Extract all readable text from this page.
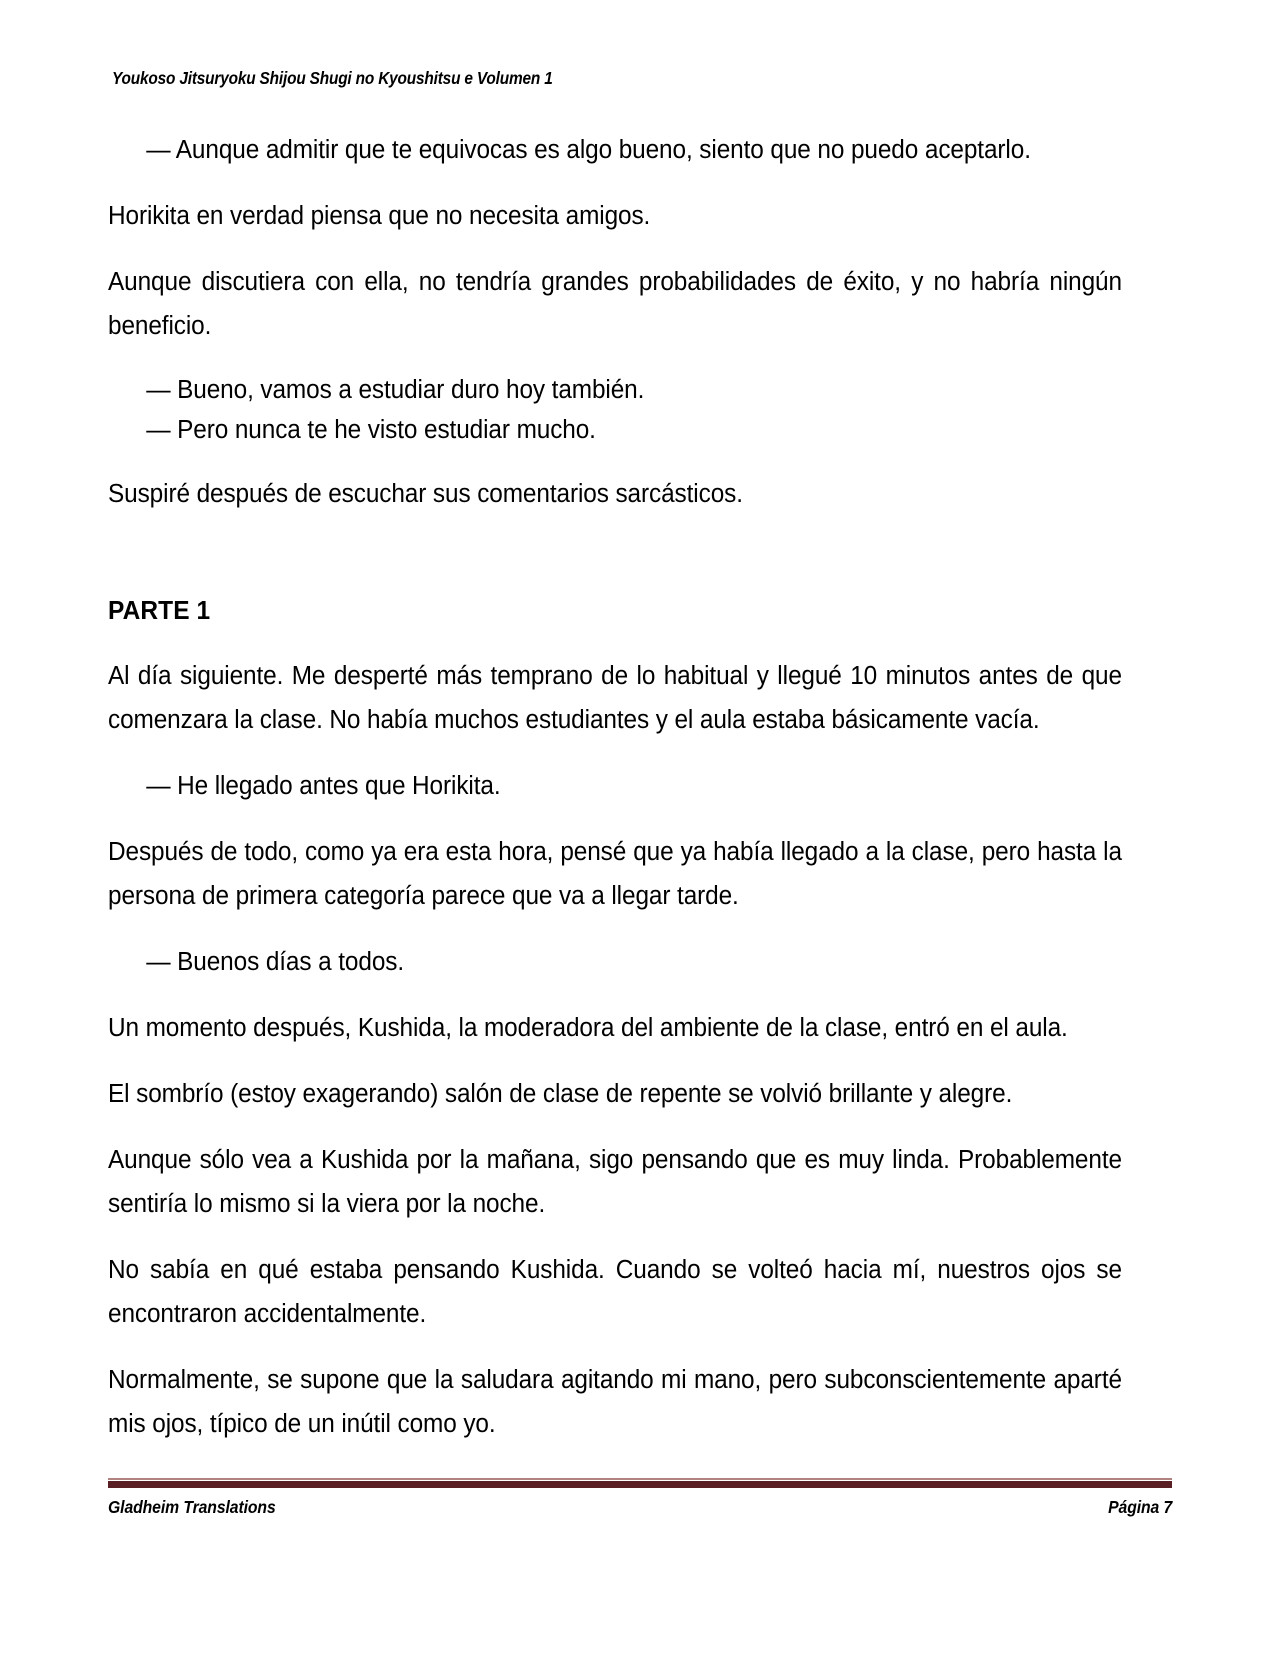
Youkoso Jitsuryoku Shijou Shugi no Kyoushitsu e Volumen 1
— Aunque admitir que te equivocas es algo bueno, siento que no puedo aceptarlo.

Horikita en verdad piensa que no necesita amigos.

Aunque discutiera con ella, no tendría grandes probabilidades de éxito, y no habría ningún beneficio.

— Bueno, vamos a estudiar duro hoy también.
— Pero nunca te he visto estudiar mucho.

Suspiré después de escuchar sus comentarios sarcásticos.

PARTE 1

Al día siguiente. Me desperté más temprano de lo habitual y llegué 10 minutos antes de que comenzara la clase. No había muchos estudiantes y el aula estaba básicamente vacía.

— He llegado antes que Horikita.

Después de todo, como ya era esta hora, pensé que ya había llegado a la clase, pero hasta la persona de primera categoría parece que va a llegar tarde.

— Buenos días a todos.

Un momento después, Kushida, la moderadora del ambiente de la clase, entró en el aula.

El sombrío (estoy exagerando) salón de clase de repente se volvió brillante y alegre.

Aunque sólo vea a Kushida por la mañana, sigo pensando que es muy linda. Probablemente sentiría lo mismo si la viera por la noche.

No sabía en qué estaba pensando Kushida. Cuando se volteó hacia mí, nuestros ojos se encontraron accidentalmente.

Normalmente, se supone que la saludara agitando mi mano, pero subconscientemente aparté mis ojos, típico de un inútil como yo.

Gladheim Translations	Página 7
